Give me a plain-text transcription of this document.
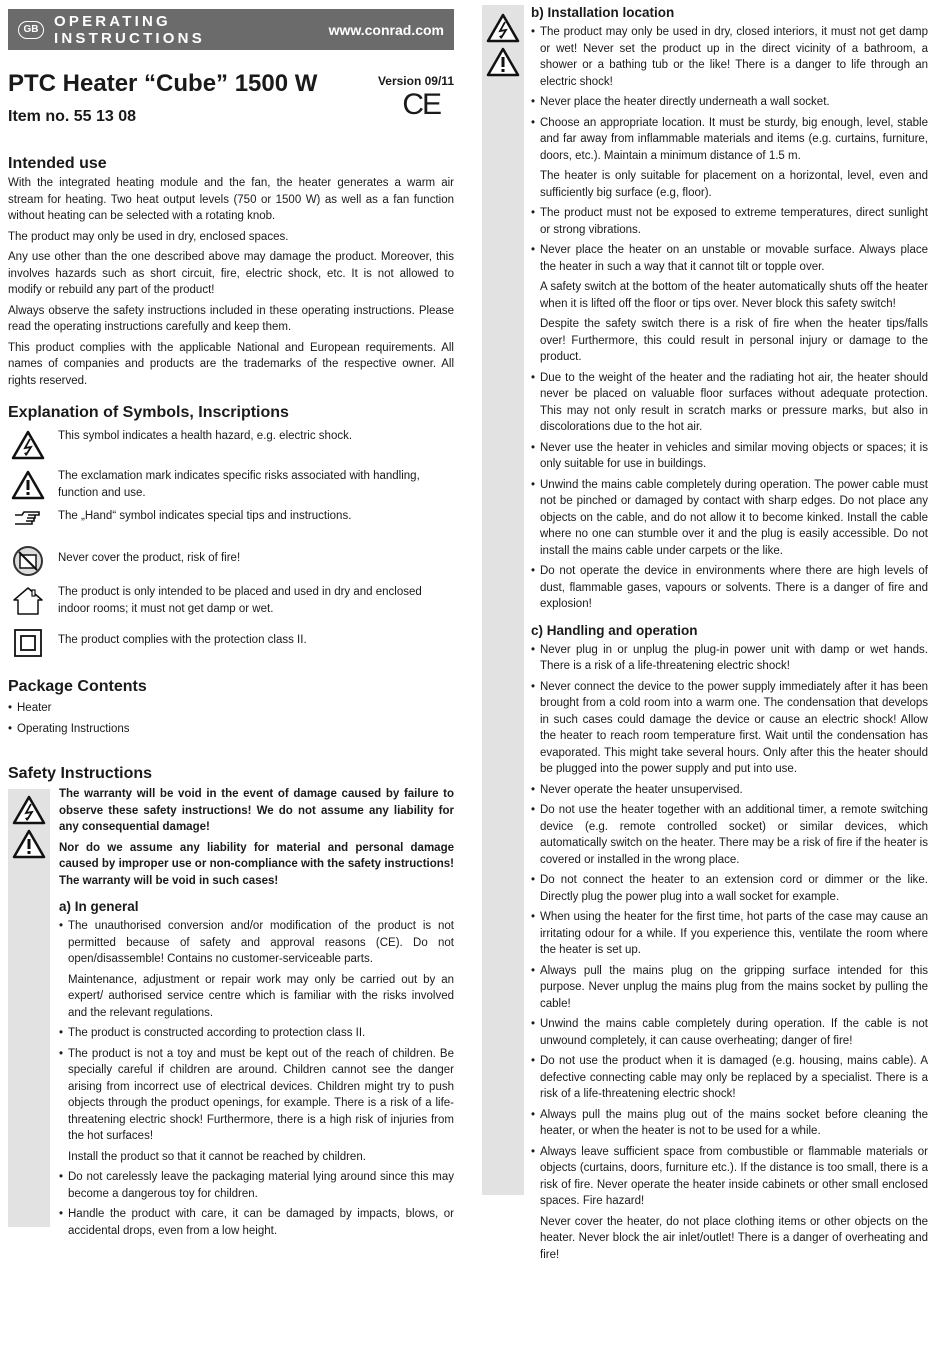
GB	OPERATING INSTRUCTIONS	www.conrad.com
PTC Heater “Cube” 1500 W
Item no. 55 13 08
Version 09/11
CE
Intended use

With the integrated heating module and the fan, the heater generates a warm air stream for heating. Two heat output levels (750 or 1500 W) as well as a fan function without heating can be selected with a rotating knob.

The product may only be used in dry, enclosed spaces.

Any use other than the one described above may damage the product. Moreover, this involves hazards such as short circuit, fire, electric shock, etc. It is not allowed to modify or rebuild any part of the product!

Always observe the safety instructions included in these operating instructions. Please read the operating instructions carefully and keep them.

This product complies with the applicable National and European requirements. All names of companies and products are the trademarks of the respective owner. All rights reserved.

Explanation of Symbols, Inscriptions
This symbol indicates a health hazard, e.g. electric shock.
The exclamation mark indicates specific risks associated with handling, function and use.
The „Hand“ symbol indicates special tips and instructions.
Never cover the product, risk of fire!
The product is only intended to be placed and used in dry and enclosed indoor rooms; it must not get damp or wet.
The product complies with the protection class II.
Package Contents
• Heater
• Operating Instructions
Safety Instructions

The warranty will be void in the event of damage caused by failure to observe these safety instructions! We do not assume any liability for any consequential damage!

Nor do we assume any liability for material and personal damage caused by improper use or non-compliance with the safety instructions! The warranty will be void in such cases!

a) In general
• The unauthorised conversion and/or modification of the product is not permitted because of safety and approval reasons (CE). Do not open/disassemble! Contains no customer-serviceable parts.
Maintenance, adjustment or repair work may only be carried out by an expert/ authorised service centre which is familiar with the risks involved and the relevant regulations.
• The product is constructed according to protection class II.
• The product is not a toy and must be kept out of the reach of children. Be specially careful if children are around. Children cannot see the danger arising from incorrect use of electrical devices. Children might try to push objects through the product openings, for example. There is a risk of a life-threatening electric shock! Furthermore, there is a high risk of injuries from the hot surfaces!
Install the product so that it cannot be reached by children.
• Do not carelessly leave the packaging material lying around since this may become a dangerous toy for children.
• Handle the product with care, it can be damaged by impacts, blows, or accidental drops, even from a low height.
b) Installation location
• The product may only be used in dry, closed interiors, it must not get damp or wet! Never set the product up in the direct vicinity of a bathroom, a shower or a bathing tub or the like! There is a danger to life through an electric shock!
• Never place the heater directly underneath a wall socket.
• Choose an appropriate location. It must be sturdy, big enough, level, stable and far away from inflammable materials and items (e.g. curtains, furniture, doors, etc.). Maintain a minimum distance of 1.5 m.
The heater is only suitable for placement on a horizontal, level, even and sufficiently big surface (e.g, floor).
• The product must not be exposed to extreme temperatures, direct sunlight or strong vibrations.
• Never place the heater on an unstable or movable surface. Always place the heater in such a way that it cannot tilt or topple over.
A safety switch at the bottom of the heater automatically shuts off the heater when it is lifted off the floor or tips over. Never block this safety switch!
Despite the safety switch there is a risk of fire when the heater tips/falls over! Furthermore, this could result in personal injury or damage to the product.
• Due to the weight of the heater and the radiating hot air, the heater should never be placed on valuable floor surfaces without adequate protection. This may not only result in scratch marks or pressure marks, but also in discolorations due to the hot air.
• Never use the heater in vehicles and similar moving objects or spaces; it is only suitable for use in buildings.
• Unwind the mains cable completely during operation. The power cable must not be pinched or damaged by contact with sharp edges. Do not place any objects on the cable, and do not allow it to become kinked. Install the cable where no one can stumble over it and the plug is easily accessible. Do not install the mains cable under carpets or the like.
• Do not operate the device in environments where there are high levels of dust, flammable gases, vapours or solvents. There is a danger of fire and explosion!
c) Handling and operation
• Never plug in or unplug the plug-in power unit with damp or wet hands. There is a risk of a life-threatening electric shock!
• Never connect the device to the power supply immediately after it has been brought from a cold room into a warm one. The condensation that develops in such cases could damage the device or cause an electric shock! Allow the heater to reach room temperature first. Wait until the condensation has evaporated. This might take several hours. Only after this the heater should be plugged into the power supply and put into use.
• Never operate the heater unsupervised.
• Do not use the heater together with an additional timer, a remote switching device (e.g. remote controlled socket) or similar devices, which automatically switch on the heater. There may be a risk of fire if the heater is covered or installed in the wrong place.
• Do not connect the heater to an extension cord or dimmer or the like. Directly plug the power plug into a wall socket for example.
• When using the heater for the first time, hot parts of the case may cause an irritating odour for a while. If you experience this, ventilate the room where the heater is set up.
• Always pull the mains plug on the gripping surface intended for this purpose. Never unplug the mains plug from the mains socket by pulling the cable!
• Unwind the mains cable completely during operation. If the cable is not unwound completely, it can cause overheating; danger of fire!
• Do not use the product when it is damaged (e.g. housing, mains cable). A defective connecting cable may only be replaced by a specialist. There is a risk of a life-threatening electric shock!
• Always pull the mains plug out of the mains socket before cleaning the heater, or when the heater is not to be used for a while.
• Always leave sufficient space from combustible or flammable materials or objects (curtains, doors, furniture etc.). If the distance is too small, there is a risk of fire. Never operate the heater inside cabinets or other small enclosed spaces. Fire hazard!
Never cover the heater, do not place clothing items or other objects on the heater. Never block the air inlet/outlet! There is a danger of overheating and fire!
